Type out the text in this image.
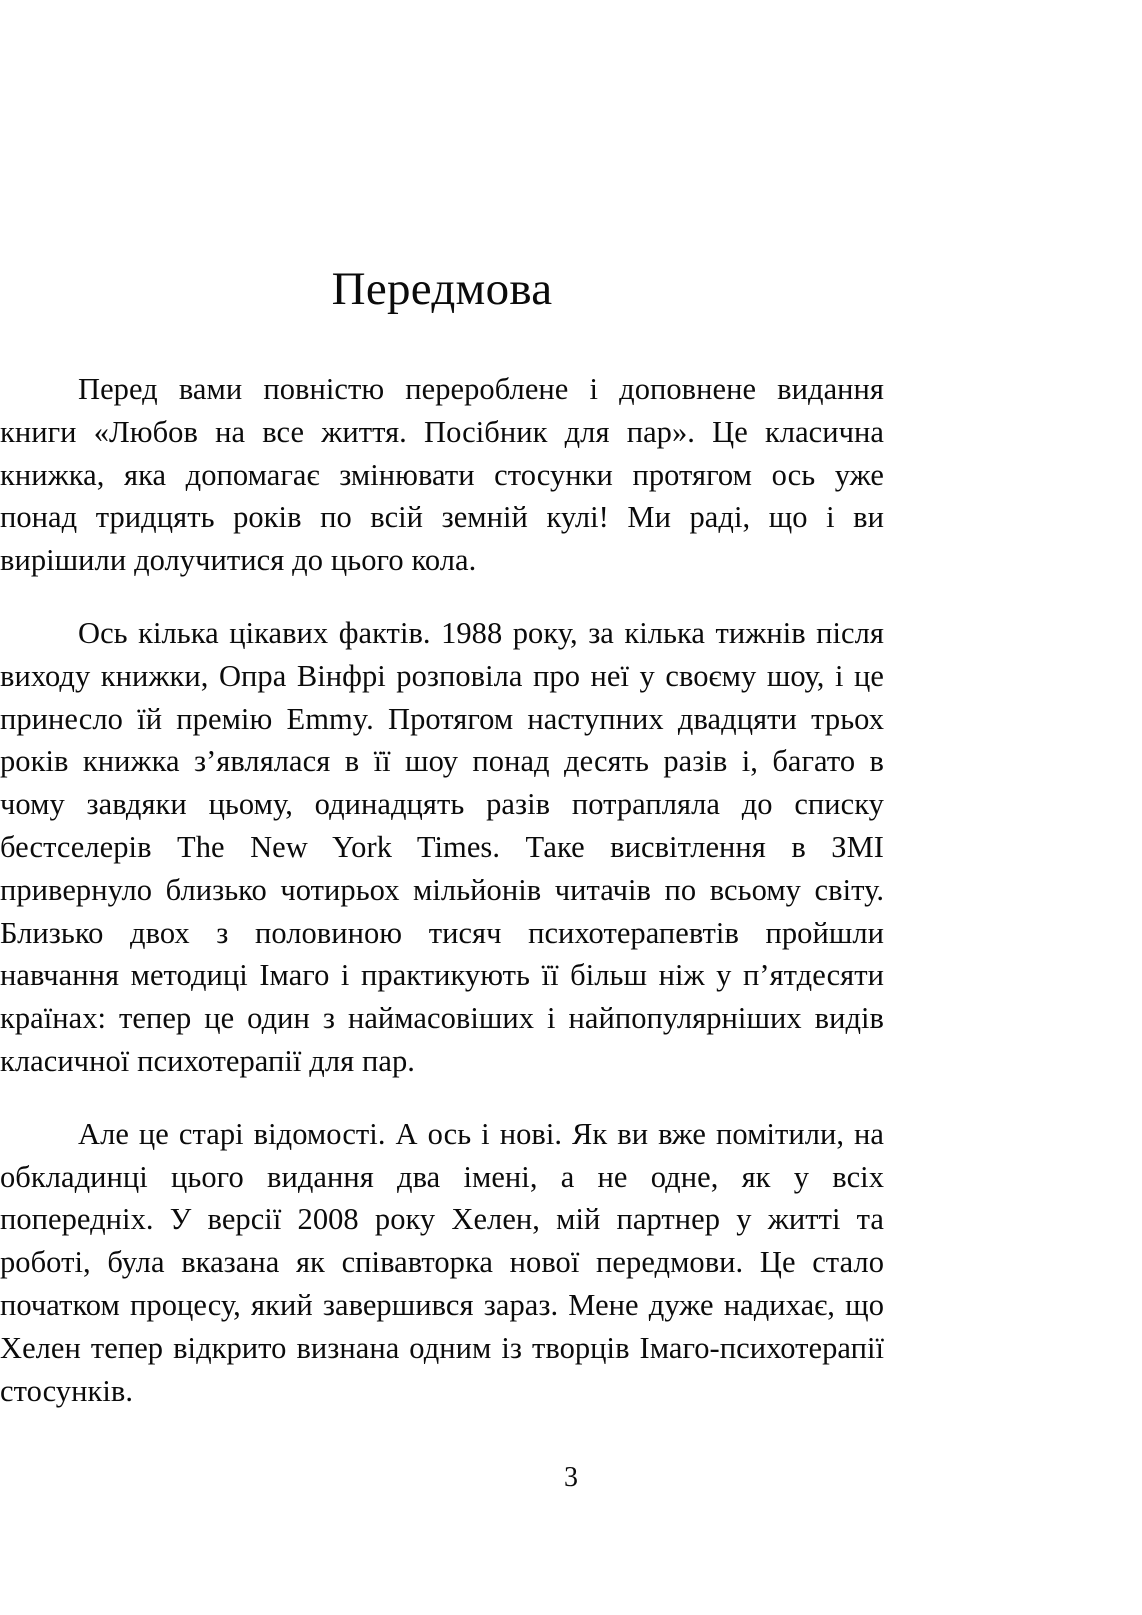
Передмова

Перед вами повністю перероблене і доповнене видання книги «Любов на все життя. Посібник для пар». Це класична книжка, яка допомагає змінювати стосунки протягом ось уже понад тридцять років по всій земній кулі! Ми раді, що і ви вирішили долучитися до цього кола.

Ось кілька цікавих фактів. 1988 року, за кілька тижнів після виходу книжки, Опра Вінфрі розповіла про неї у своєму шоу, і це принесло їй премію Emmy. Протягом наступних двадцяти трьох років книжка з’являлася в її шоу понад десять разів і, багато в чому завдяки цьому, одинадцять разів потрапляла до списку бестселерів The New York Times. Таке висвітлення в ЗМІ привернуло близько чотирьох мільйонів читачів по всьому світу. Близько двох з половиною тисяч психотерапевтів пройшли навчання методиці Імаго і практикують її більш ніж у п’ятдесяти країнах: тепер це один з наймасовіших і найпопулярніших видів класичної психотерапії для пар.

Але це старі відомості. А ось і нові. Як ви вже помітили, на обкладинці цього видання два імені, а не одне, як у всіх попередніх. У версії 2008 року Хелен, мій партнер у житті та роботі, була вказана як співавторка нової передмови. Це стало початком процесу, який завершився зараз. Мене дуже надихає, що Хелен тепер відкрито визнана одним із творців Імаго-психотерапії стосунків.

3
